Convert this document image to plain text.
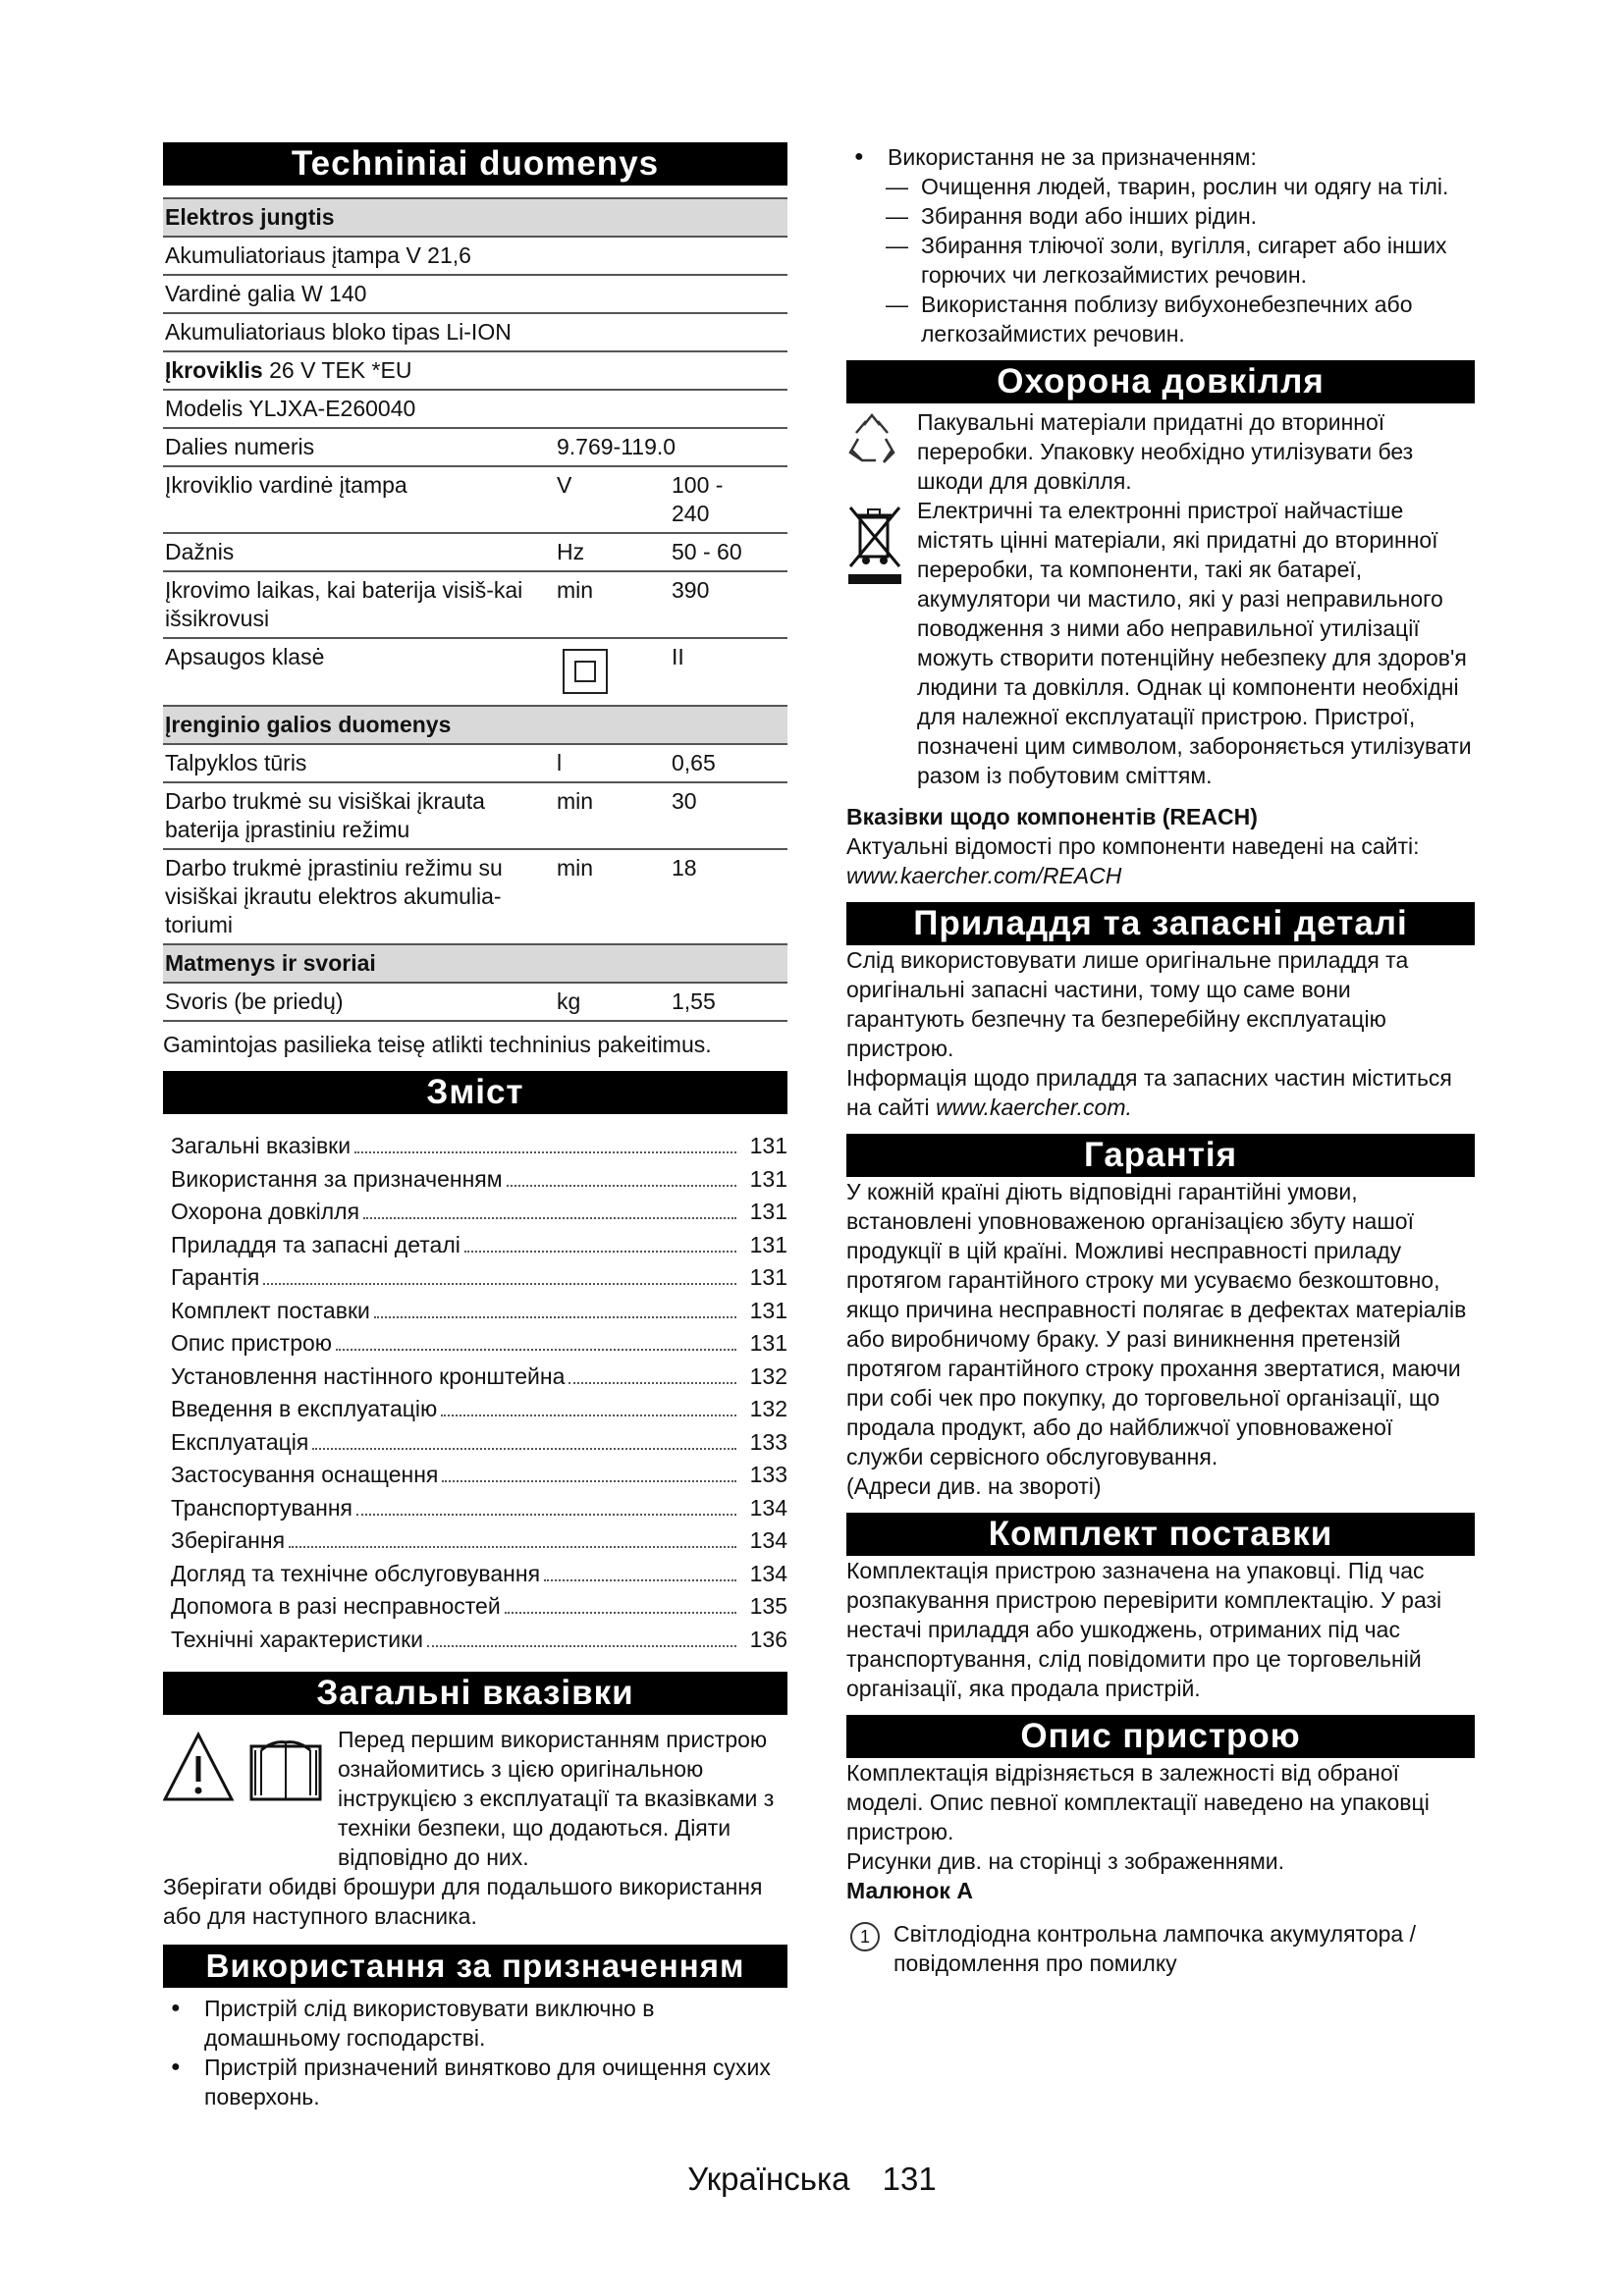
Techniniai duomenys
Elektros jungtis		
Akumuliatoriaus įtampa V 21,6		
Vardinė galia W 140		
Akumuliatoriaus bloko tipas Li-ION		
Įkroviklis 26 V TEK *EU		
Modelis YLJXA-E260040		
Dalies numeris	9.769-119.0	
Įkroviklio vardinė įtampa	V	100 - 240
Dažnis	Hz	50 - 60
Įkrovimo laikas, kai baterija visiš-kai išsikrovusi	min	390
Apsaugos klasė		II
Įrenginio galios duomenys		
Talpyklos tūris	l	0,65
Darbo trukmė su visiškai įkrauta baterija įprastiniu režimu	min	30
Darbo trukmė įprastiniu režimu su visiškai įkrautu elektros akumulia-toriumi	min	18
Matmenys ir svoriai		
Svoris (be priedų)	kg	1,55
Gamintojas pasilieka teisę atlikti techninius pakeitimus.
Зміст
Загальні вказівки	131
Використання за призначенням	131
Охорона довкілля	131
Приладдя та запасні деталі	131
Гарантія	131
Комплект поставки	131
Опис пристрою	131
Установлення настінного кронштейна	132
Введення в експлуатацію	132
Експлуатація	133
Застосування оснащення	133
Транспортування	134
Зберігання	134
Догляд та технічне обслуговування	134
Допомога в разі несправностей	135
Технічні характеристики	136
Загальні вказівки
Перед першим використанням пристрою ознайомитись з цією оригінальною інструкцією з експлуатації та вказівками з техніки безпеки, що додаються. Діяти відповідно до них.
Зберігати обидві брошури для подальшого використання або для наступного власника.
Використання за призначенням
● Пристрій слід використовувати виключно в домашньому господарстві.
● Пристрій призначений винятково для очищення сухих поверхонь.
● Використання не за призначенням:
— Очищення людей, тварин, рослин чи одягу на тілі.
— Збирання води або інших рідин.
— Збирання тліючої золи, вугілля, сигарет або інших горючих чи легкозаймистих речовин.
— Використання поблизу вибухонебезпечних або легкозаймистих речовин.
Охорона довкілля
Пакувальні матеріали придатні до вторинної переробки. Упаковку необхідно утилізувати без шкоди для довкілля.
Електричні та електронні пристрої найчастіше містять цінні матеріали, які придатні до вторинної переробки, та компоненти, такі як батареї, акумулятори чи мастило, які у разі неправильного поводження з ними або неправильної утилізації можуть створити потенційну небезпеку для здоров'я людини та довкілля. Однак ці компоненти необхідні для належної експлуатації пристрою. Пристрої, позначені цим символом, забороняється утилізувати разом із побутовим сміттям.
Вказівки щодо компонентів (REACH)
Актуальні відомості про компоненти наведені на сайті: www.kaercher.com/REACH
Приладдя та запасні деталі
Слід використовувати лише оригінальне приладдя та оригінальні запасні частини, тому що саме вони гарантують безпечну та безперебійну експлуатацію пристрою.
Інформація щодо приладдя та запасних частин міститься на сайті www.kaercher.com.
Гарантія
У кожній країні діють відповідні гарантійні умови, встановлені уповноваженою організацією збуту нашої продукції в цій країні. Можливі несправності приладу протягом гарантійного строку ми усуваємо безкоштовно, якщо причина несправності полягає в дефектах матеріалів або виробничому браку. У разі виникнення претензій протягом гарантійного строку прохання звертатися, маючи при собі чек про покупку, до торговельної організації, що продала продукт, або до найближчої уповноваженої служби сервісного обслуговування.
(Адреси див. на звороті)
Комплект поставки
Комплектація пристрою зазначена на упаковці. Під час розпакування пристрою перевірити комплектацію. У разі нестачі приладдя або ушкоджень, отриманих під час транспортування, слід повідомити про це торговельній організації, яка продала пристрій.
Опис пристрою
Комплектація відрізняється в залежності від обраної моделі. Опис певної комплектації наведено на упаковці пристрою.
Рисунки див. на сторінці з зображеннями.
Малюнок A
1	Світлодіодна контрольна лампочка акумулятора / повідомлення про помилку
Українська 131
